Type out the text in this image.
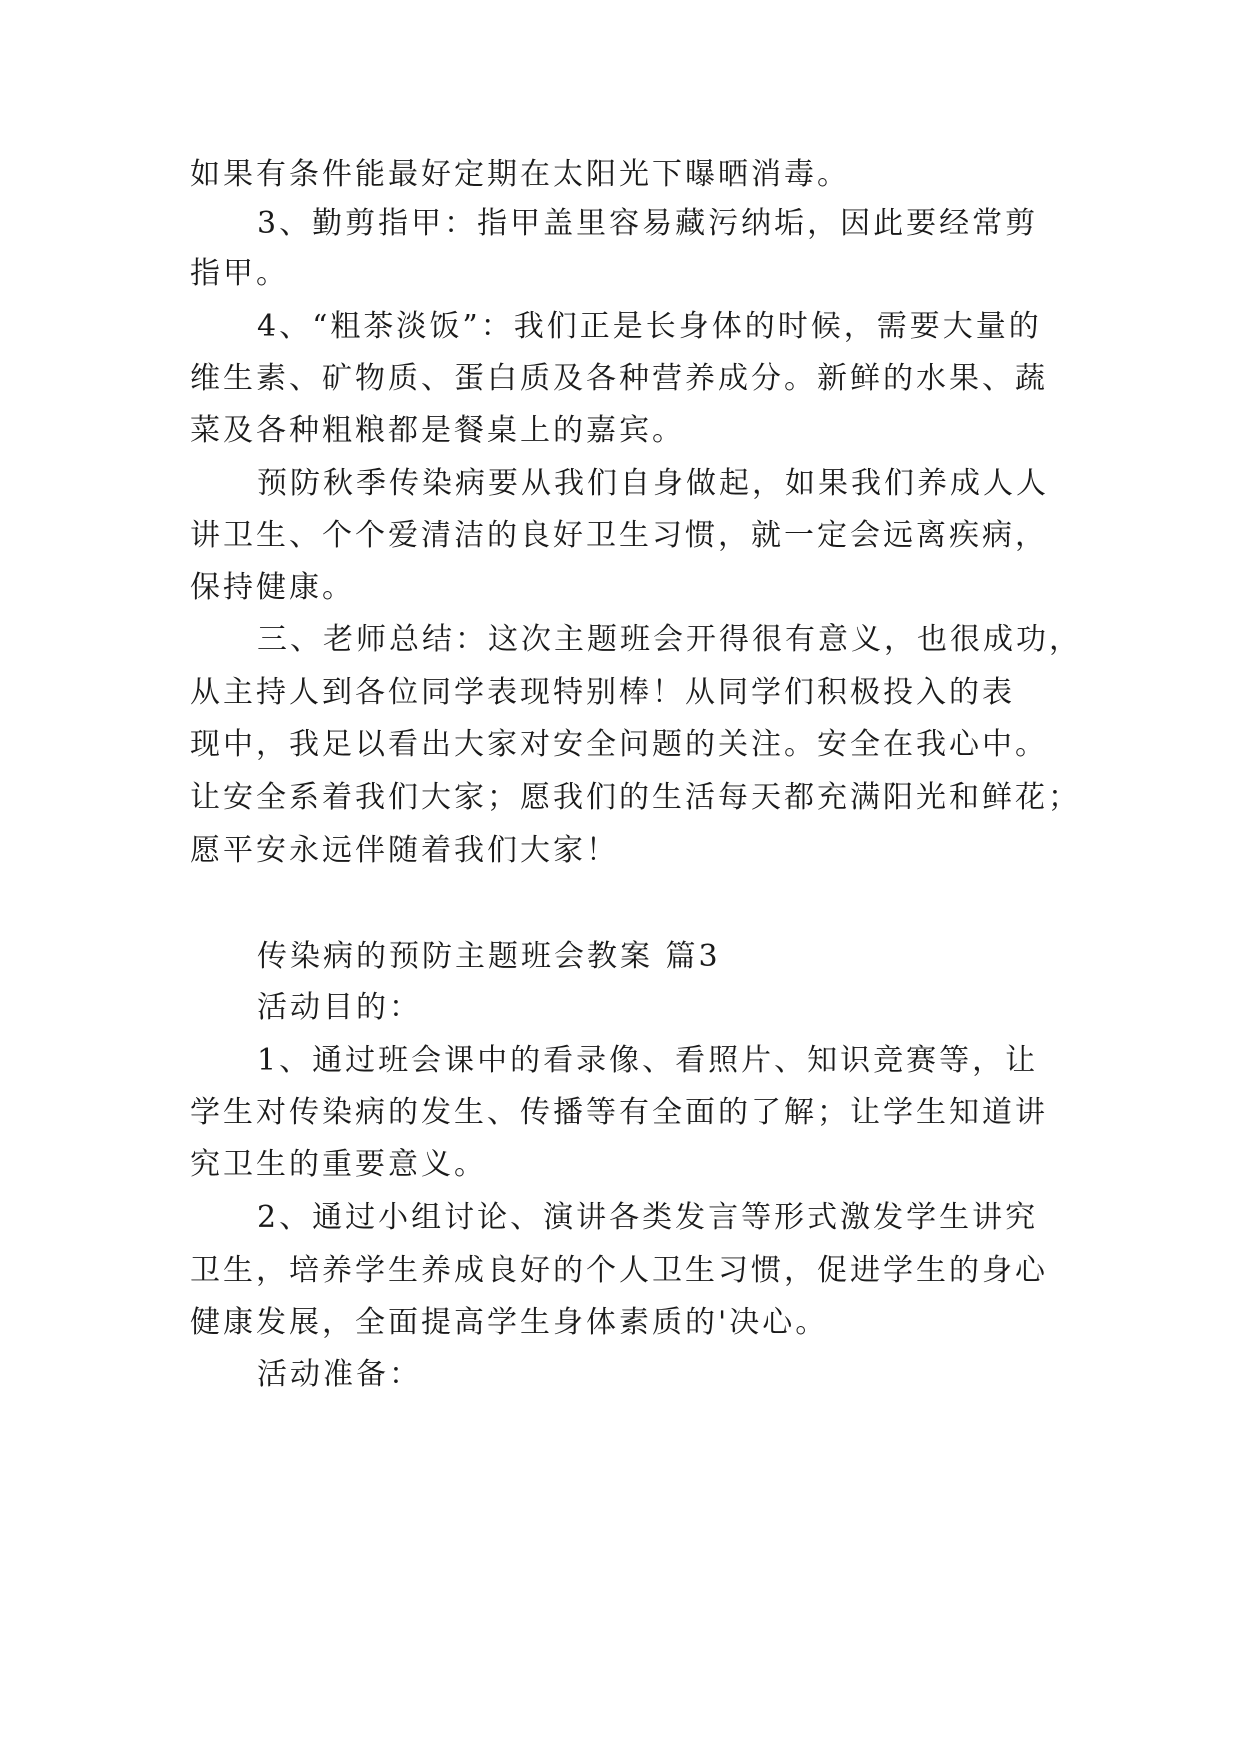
如果有条件能最好定期在太阳光下曝晒消毒。
3、勤剪指甲：指甲盖里容易藏污纳垢，因此要经常剪
指甲。
4、“粗茶淡饭”：我们正是长身体的时候，需要大量的
维生素、矿物质、蛋白质及各种营养成分。新鲜的水果、蔬
菜及各种粗粮都是餐桌上的嘉宾。
预防秋季传染病要从我们自身做起，如果我们养成人人
讲卫生、个个爱清洁的良好卫生习惯，就一定会远离疾病，
保持健康。
三、老师总结：这次主题班会开得很有意义，也很成功，
从主持人到各位同学表现特别棒！从同学们积极投入的表
现中，我足以看出大家对安全问题的关注。安全在我心中。
让安全系着我们大家；愿我们的生活每天都充满阳光和鲜花；
愿平安永远伴随着我们大家！
传染病的预防主题班会教案 篇3
活动目的：
1、通过班会课中的看录像、看照片、知识竞赛等，让
学生对传染病的发生、传播等有全面的了解；让学生知道讲
究卫生的重要意义。
2、通过小组讨论、演讲各类发言等形式激发学生讲究
卫生，培养学生养成良好的个人卫生习惯，促进学生的身心
健康发展，全面提高学生身体素质的'决心。
活动准备：
